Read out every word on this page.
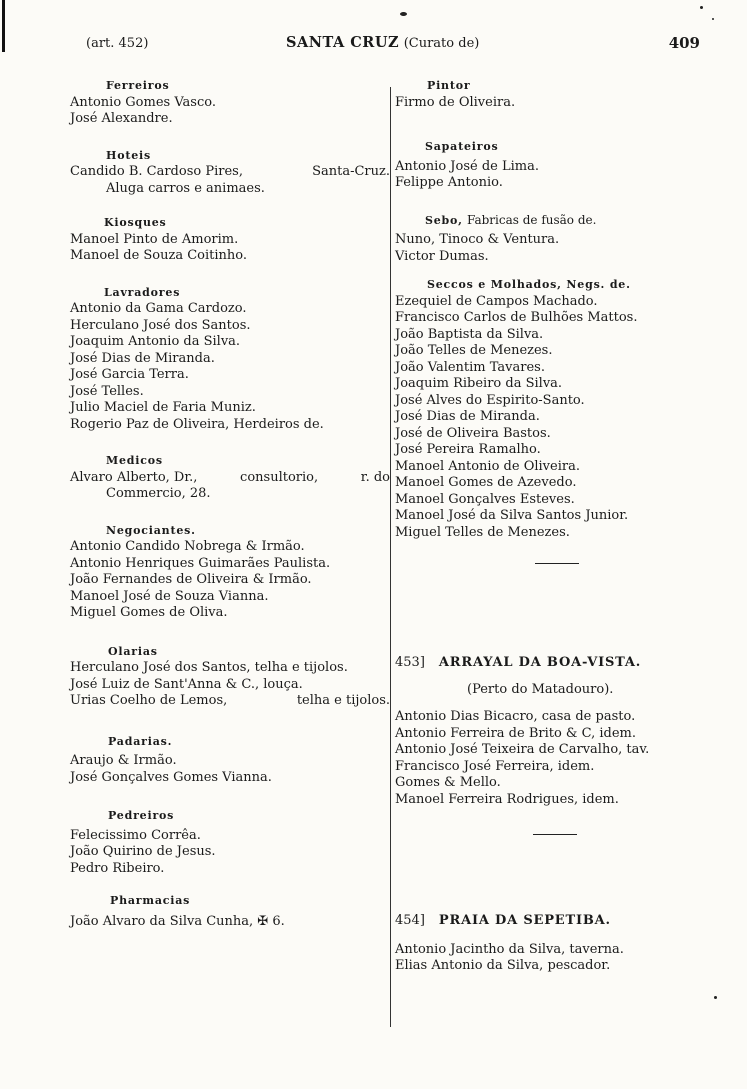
(art. 452)	SANTA CRUZ (Curato de)	409
Ferreiros
Antonio Gomes Vasco.
José Alexandre.
Hoteis
Candido B. Cardoso Pires,	Santa-Cruz.
Aluga carros e animaes.
Kiosques
Manoel Pinto de Amorim.
Manoel de Souza Coitinho.
Lavradores
Antonio da Gama Cardozo.
Herculano José dos Santos.
Joaquim Antonio da Silva.
José Dias de Miranda.
José Garcia Terra.
José Telles.
Julio Maciel de Faria Muniz.
Rogerio Paz de Oliveira, Herdeiros de.
Medicos
Alvaro Alberto, Dr.,	consultorio,	r. do
Commercio, 28.
Negociantes.
Antonio Candido Nobrega & Irmão.
Antonio Henriques Guimarães Paulista.
João Fernandes de Oliveira & Irmão.
Manoel José de Souza Vianna.
Miguel Gomes de Oliva.
Olarias
Herculano José dos Santos, telha e tijolos.
José Luiz de Sant'Anna & C., louça.
Urias Coelho de Lemos,	telha e tijolos.
Padarias.
Araujo & Irmão.
José Gonçalves Gomes Vianna.
Pedreiros
Felecissimo Corrêa.
João Quirino de Jesus.
Pedro Ribeiro.
Pharmacias
João Alvaro da Silva Cunha, ✠ 6.
Pintor
Firmo de Oliveira.
Sapateiros
Antonio José de Lima.
Felippe Antonio.
Sebo, Fabricas de fusão de.
Nuno, Tinoco & Ventura.
Victor Dumas.
Seccos e Molhados, Negs. de.
Ezequiel de Campos Machado.
Francisco Carlos de Bulhões Mattos.
João Baptista da Silva.
João Telles de Menezes.
João Valentim Tavares.
Joaquim Ribeiro da Silva.
José Alves do Espirito-Santo.
José Dias de Miranda.
José de Oliveira Bastos.
José Pereira Ramalho.
Manoel Antonio de Oliveira.
Manoel Gomes de Azevedo.
Manoel Gonçalves Esteves.
Manoel José da Silva Santos Junior.
Miguel Telles de Menezes.
453] ARRAYAL DA BOA-VISTA.
(Perto do Matadouro).
Antonio Dias Bicacro, casa de pasto.
Antonio Ferreira de Brito & C, idem.
Antonio José Teixeira de Carvalho, tav.
Francisco José Ferreira, idem.
Gomes & Mello.
Manoel Ferreira Rodrigues, idem.
454] PRAIA DA SEPETIBA.
Antonio Jacintho da Silva, taverna.
Elias Antonio da Silva, pescador.
